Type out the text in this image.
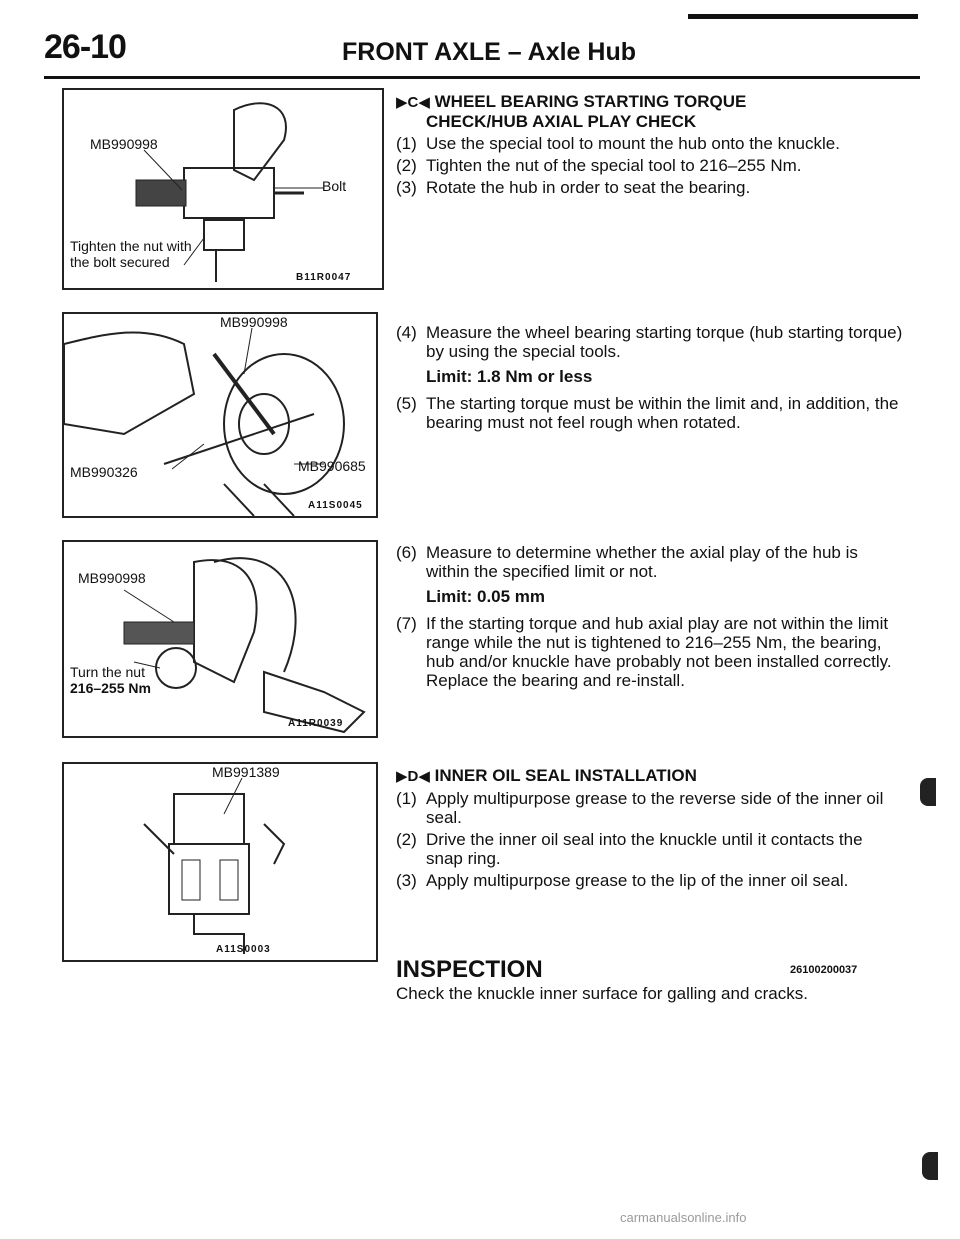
26-10	FRONT AXLE – Axle Hub
MB990998
Bolt
Tighten the nut with
the bolt secured
B11R0047
MB990998
MB990685
MB990326
A11S0045
MB990998
Turn the nut
216–255 Nm
A11R0039
MB991389
A11S0003
▶C◀ WHEEL BEARING STARTING TORQUE
CHECK/HUB AXIAL PLAY CHECK
(1) Use the special tool to mount the hub onto the knuckle.
(2) Tighten the nut of the special tool to 216–255 Nm.
(3) Rotate the hub in order to seat the bearing.
(4) Measure the wheel bearing starting torque (hub starting torque) by using the special tools.
Limit: 1.8 Nm or less
(5) The starting torque must be within the limit and, in addition, the bearing must not feel rough when rotated.
(6) Measure to determine whether the axial play of the hub is within the specified limit or not.
Limit: 0.05 mm
(7) If the starting torque and hub axial play are not within the limit range while the nut is tightened to 216–255 Nm, the bearing, hub and/or knuckle have probably not been installed correctly. Replace the bearing and re-install.
▶D◀ INNER OIL SEAL INSTALLATION
(1) Apply multipurpose grease to the reverse side of the inner oil seal.
(2) Drive the inner oil seal into the knuckle until it contacts the snap ring.
(3) Apply multipurpose grease to the lip of the inner oil seal.
INSPECTION	26100200037
Check the knuckle inner surface for galling and cracks.
carmanualsonline.info
